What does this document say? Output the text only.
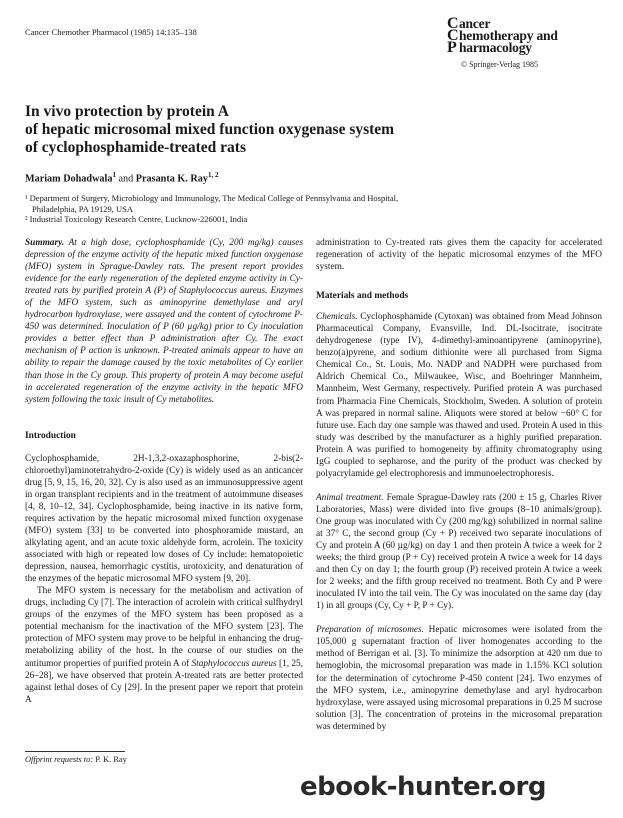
Cancer Chemother Pharmacol (1985) 14:135–138	Cancer
Chemotherapy and
P harmacology
© Springer-Verlag 1985
In vivo protection by protein A
of hepatic microsomal mixed function oxygenase system
of cyclophosphamide-treated rats
Mariam Dohadwala$^1$ and Prasanta K. Ray$^{1, 2}$
¹ Department of Surgery, Microbiology and Immunology, The Medical College of Pennsylvania and Hospital,
Philadelphia, PA 19129, USA
² Industrial Toxicology Research Centre, Lucknow-226001, India

Summary. At a high dose, cyclophosphamide (Cy, 200 mg/kg) causes depression of the enzyme activity of the hepatic mixed function oxygenase (MFO) system in Sprague-Dawley rats. The present report provides evidence for the early regeneration of the depleted enzyme activity in Cy-treated rats by purified protein A (P) of Staphylococcus aureus. Enzymes of the MFO system, such as aminopyrine demethylase and aryl hydrocarbon hydroxylase, were assayed and the content of cytochrome P-450 was determined. Inoculation of P (60 µg/kg) prior to Cy inoculation provides a better effect than P administration after Cy. The exact mechanism of P action is unknown. P-treated animals appear to have an ability to repair the damage caused by the toxic metabolites of Cy earlier than those in the Cy group. This property of protein A may become useful in accelerated regeneration of the enzyme activity in the hepatic MFO system following the toxic insult of Cy metabolites.

Introduction

Cyclophosphamide, 2H-1,3,2-oxazaphosphorine, 2-bis(2-chloroethyl)aminotetrahydro-2-oxide (Cy) is widely used as an anticancer drug [5, 9, 15, 16, 20, 32]. Cy is also used as an immunosuppressive agent in organ transplant recipients and in the treatment of autoimmune diseases [4, 8, 10–12, 34]. Cyclophosphamide, being inactive in its native form, requires activation by the hepatic microsomal mixed function oxygenase (MFO) system [33] to be converted into phosphoramide mustard, an alkylating agent, and an acute toxic aldehyde form, acrolein. The toxicity associated with high or repeated low doses of Cy include: hematopoietic depression, nausea, hemorrhagic cystitis, urotoxicity, and denaturation of the enzymes of the hepatic microsomal MFO system [9, 20].

The MFO system is necessary for the metabolism and activation of drugs, including Cy [7]. The interaction of acrolein with critical sulfhydryl groups of the enzymes of the MFO system has been proposed as a potential mechanism for the inactivation of the MFO system [23]. The protection of MFO system may prove to be helpful in enhancing the drug-metabolizing ability of the host. In the course of our studies on the antitumor properties of purified protein A of Staphylococcus aureus [1, 25, 26–28], we have observed that protein A-treated rats are better protected against lethal doses of Cy [29]. In the present paper we report that protein A

Offprint requests to: P. K. Ray

administration to Cy-treated rats gives them the capacity for accelerated regeneration of activity of the hepatic microsomal enzymes of the MFO system.

Materials and methods

Chemicals. Cyclophosphamide (Cytoxan) was obtained from Mead Johnson Pharmaceutical Company, Evansville, Ind. DL-Isocitrate, isocitrate dehydrogenese (type IV), 4-dimethyl-aminoantipyrene (aminopyrine), benzo(a)pyrene, and sodium dithionite were all purchased from Sigma Chemical Co., St. Louis, Mo. NADP and NADPH were purchased from Aldrich Chemical Co., Milwaukee, Wisc, and Boehringer Mannheim, Mannheim, West Germany, respectively. Purified protein A was purchased from Pharmacia Fine Chemicals, Stockholm, Sweden. A solution of protein A was prepared in normal saline. Aliquots were stored at below −60° C for future use. Each day one sample was thawed and used. Protein A used in this study was described by the manufacturer as a highly purified preparation. Protein A was purified to homogeneity by affinity chromatography using IgG coupled to sepharose, and the purity of the product was checked by polyacrylamide gel electrophoresis and immunoelectrophoresis.

Animal treatment. Female Sprague-Dawley rats (200 ± 15 g, Charles River Laboratories, Mass) were divided into five groups (8–10 animals/group). One group was inoculated with Cy (200 mg/kg) solubilized in normal saline at 37° C, the second group (Cy + P) received two separate inoculations of Cy and protein A (60 µg/kg) on day 1 and then protein A twice a week for 2 weeks; the third group (P + Cy) received protein A twice a week for 14 days and then Cy on day 1; the fourth group (P) received protein A twice a week for 2 weeks; and the fifth group received no treatment. Both Cy and P were inoculated IV into the tail vein. The Cy was inoculated on the same day (day 1) in all groups (Cy, Cy + P, P + Cy).

Preparation of microsomes. Hepatic microsomes were isolated from the 105,000 g supernatant fraction of liver homogenates according to the method of Berrigan et al. [3]. To minimize the adsorption at 420 nm due to hemoglobin, the microsomal preparation was made in 1.15% KCl solution for the determination of cytochrome P-450 content [24]. Two enzymes of the MFO system, i.e., aminopyrine demethylase and aryl hydrocarbon hydroxylase, were assayed using microsomal preparations in 0.25 M sucrose solution [3]. The concentration of proteins in the microsomal preparation was determined by

ebook-hunter.org
